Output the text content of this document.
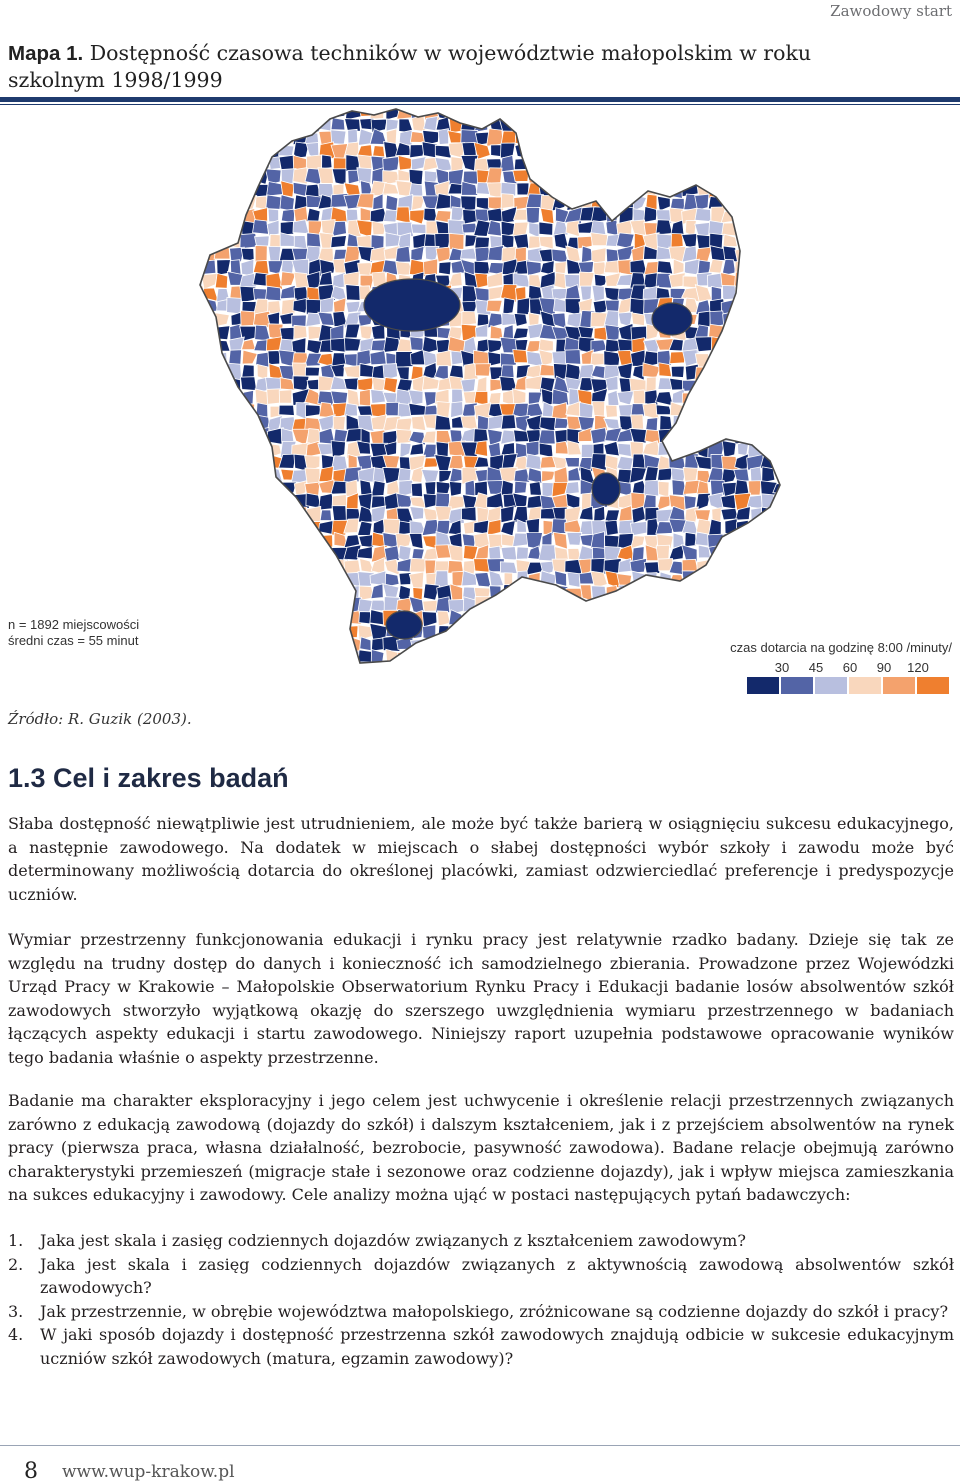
Zawodowy start
Mapa 1. Dostępność czasowa techników w województwie małopolskim w roku szkolnym 1998/1999
n = 1892 miejscowości
średni czas = 55 minut	czas dotarcia na godzinę 8:00 /minuty/
30 45 60 90 120
Źródło: R. Guzik (2003).
1.3 Cel i zakres badań

Słaba dostępność niewątpliwie jest utrudnieniem, ale może być także barierą w osiągnięciu sukcesu edukacyjnego, a następnie zawodowego. Na dodatek w miejscach o słabej dostępności wybór szkoły i zawodu może być determinowany możliwością dotarcia do określonej placówki, zamiast odzwierciedlać preferencje i predyspozycje uczniów.

Wymiar przestrzenny funkcjonowania edukacji i rynku pracy jest relatywnie rzadko badany. Dzieje się tak ze względu na trudny dostęp do danych i konieczność ich samodzielnego zbierania. Prowadzone przez Wojewódzki Urząd Pracy w Krakowie – Małopolskie Obserwatorium Rynku Pracy i Edukacji badanie losów absolwentów szkół zawodowych stworzyło wyjątkową okazję do szerszego uwzględnienia wymiaru przestrzennego w badaniach łączących aspekty edukacji i startu zawodowego. Niniejszy raport uzupełnia podstawowe opracowanie wyników tego badania właśnie o aspekty przestrzenne.

Badanie ma charakter eksploracyjny i jego celem jest uchwycenie i określenie relacji przestrzennych związanych zarówno z edukacją zawodową (dojazdy do szkół) i dalszym kształceniem, jak i z przejściem absolwentów na rynek pracy (pierwsza praca, własna działalność, bezrobocie, pasywność zawodowa). Badane relacje obejmują zarówno charakterystyki przemieszeń (migracje stałe i sezonowe oraz codzienne dojazdy), jak i wpływ miejsca zamieszkania na sukces edukacyjny i zawodowy. Cele analizy można ująć w postaci następujących pytań badawczych:

1. Jaka jest skala i zasięg codziennych dojazdów związanych z kształceniem zawodowym?
2. Jaka jest skala i zasięg codziennych dojazdów związanych z aktywnością zawodową absolwentów szkół zawodowych?
3. Jak przestrzennie, w obrębie województwa małopolskiego, zróżnicowane są codzienne dojazdy do szkół i pracy?
4. W jaki sposób dojazdy i dostępność przestrzenna szkół zawodowych znajdują odbicie w sukcesie edukacyjnym uczniów szkół zawodowych (matura, egzamin zawodowy)?
8 www.wup-krakow.pl
